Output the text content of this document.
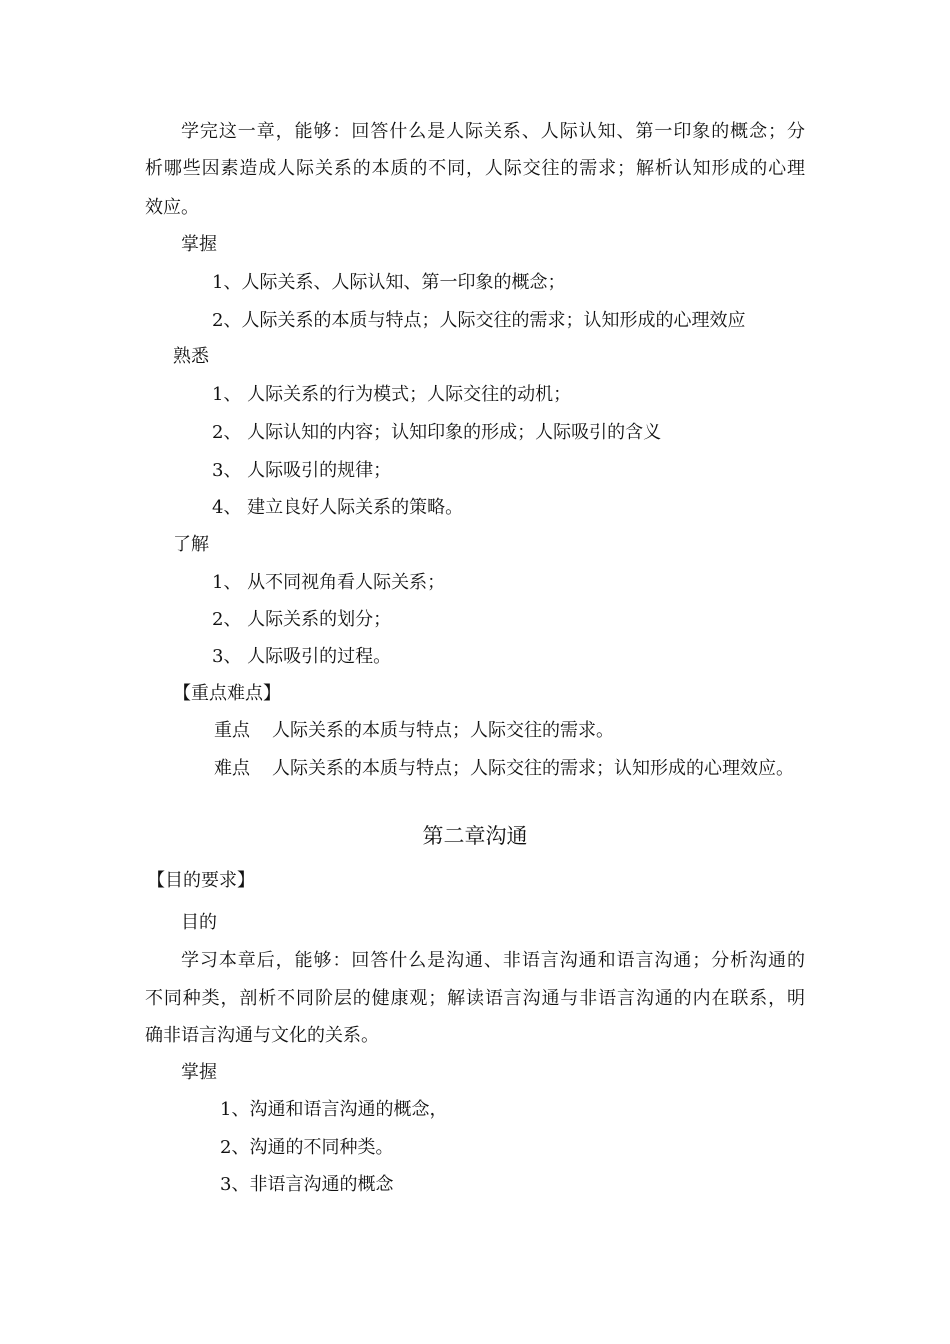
学完这一章，能够：回答什么是人际关系、人际认知、第一印象的概念；分
析哪些因素造成人际关系的本质的不同，人际交往的需求；解析认知形成的心理
效应。
掌握
1、人际关系、人际认知、第一印象的概念；
2、人际关系的本质与特点；人际交往的需求；认知形成的心理效应
熟悉
1、 人际关系的行为模式；人际交往的动机；
2、 人际认知的内容；认知印象的形成；人际吸引的含义
3、 人际吸引的规律；
4、 建立良好人际关系的策略。
了解
1、 从不同视角看人际关系；
2、 人际关系的划分；
3、 人际吸引的过程。
【重点难点】
重点 人际关系的本质与特点；人际交往的需求。
难点 人际关系的本质与特点；人际交往的需求；认知形成的心理效应。
第二章沟通
【目的要求】
目的
学习本章后，能够：回答什么是沟通、非语言沟通和语言沟通；分析沟通的
不同种类，剖析不同阶层的健康观；解读语言沟通与非语言沟通的内在联系，明
确非语言沟通与文化的关系。
掌握
1、沟通和语言沟通的概念，
2、沟通的不同种类。
3、非语言沟通的概念
